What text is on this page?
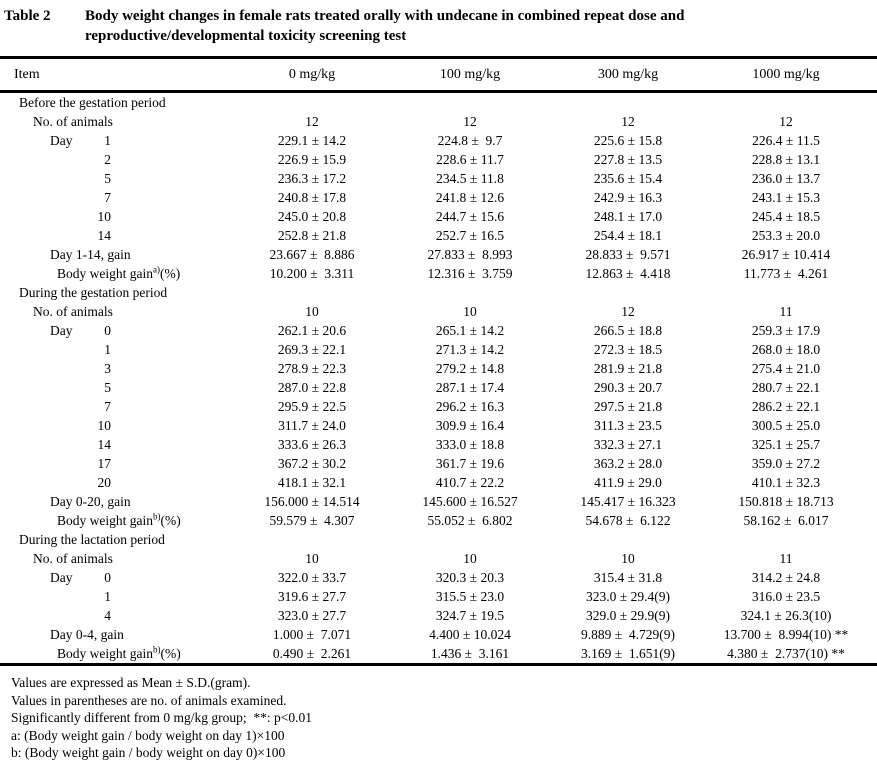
Table 2	Body weight changes in female rats treated orally with undecane in combined repeat dose and reproductive/developmental toxicity screening test
Item	0 mg/kg	100 mg/kg	300 mg/kg	1000 mg/kg
Before the gestation period
No. of animals	12	12	12	12
Day	1	229.1 ± 14.2	224.8 ±  9.7	225.6 ± 15.8	226.4 ± 11.5
2	226.9 ± 15.9	228.6 ± 11.7	227.8 ± 13.5	228.8 ± 13.1
5	236.3 ± 17.2	234.5 ± 11.8	235.6 ± 15.4	236.0 ± 13.7
7	240.8 ± 17.8	241.8 ± 12.6	242.9 ± 16.3	243.1 ± 15.3
10	245.0 ± 20.8	244.7 ± 15.6	248.1 ± 17.0	245.4 ± 18.5
14	252.8 ± 21.8	252.7 ± 16.5	254.4 ± 18.1	253.3 ± 20.0
Day 1-14, gain	23.667 ±  8.886	27.833 ±  8.993	28.833 ±  9.571	26.917 ± 10.414
Body weight gain$^{a)}$(%)	10.200 ±  3.311	12.316 ±  3.759	12.863 ±  4.418	11.773 ±  4.261
During the gestation period
No. of animals	10	10	12	11
Day	0	262.1 ± 20.6	265.1 ± 14.2	266.5 ± 18.8	259.3 ± 17.9
1	269.3 ± 22.1	271.3 ± 14.2	272.3 ± 18.5	268.0 ± 18.0
3	278.9 ± 22.3	279.2 ± 14.8	281.9 ± 21.8	275.4 ± 21.0
5	287.0 ± 22.8	287.1 ± 17.4	290.3 ± 20.7	280.7 ± 22.1
7	295.9 ± 22.5	296.2 ± 16.3	297.5 ± 21.8	286.2 ± 22.1
10	311.7 ± 24.0	309.9 ± 16.4	311.3 ± 23.5	300.5 ± 25.0
14	333.6 ± 26.3	333.0 ± 18.8	332.3 ± 27.1	325.1 ± 25.7
17	367.2 ± 30.2	361.7 ± 19.6	363.2 ± 28.0	359.0 ± 27.2
20	418.1 ± 32.1	410.7 ± 22.2	411.9 ± 29.0	410.1 ± 32.3
Day 0-20, gain	156.000 ± 14.514	145.600 ± 16.527	145.417 ± 16.323	150.818 ± 18.713
Body weight gain$^{b)}$(%)	59.579 ±  4.307	55.052 ±  6.802	54.678 ±  6.122	58.162 ±  6.017
During the lactation period
No. of animals	10	10	10	11
Day	0	322.0 ± 33.7	320.3 ± 20.3	315.4 ± 31.8	314.2 ± 24.8
1	319.6 ± 27.7	315.5 ± 23.0	323.0 ± 29.4(9)	316.0 ± 23.5
4	323.0 ± 27.7	324.7 ± 19.5	329.0 ± 29.9(9)	324.1 ± 26.3(10)
Day 0-4, gain	1.000 ±  7.071	4.400 ± 10.024	9.889 ±  4.729(9)	13.700 ±  8.994(10) **
Body weight gain$^{b)}$(%)	0.490 ±  2.261	1.436 ±  3.161	3.169 ±  1.651(9)	4.380 ±  2.737(10) **
Values are expressed as Mean ± S.D.(gram).
Values in parentheses are no. of animals examined.
Significantly different from 0 mg/kg group;  **: p<0.01
a: (Body weight gain / body weight on day 1)×100
b: (Body weight gain / body weight on day 0)×100
